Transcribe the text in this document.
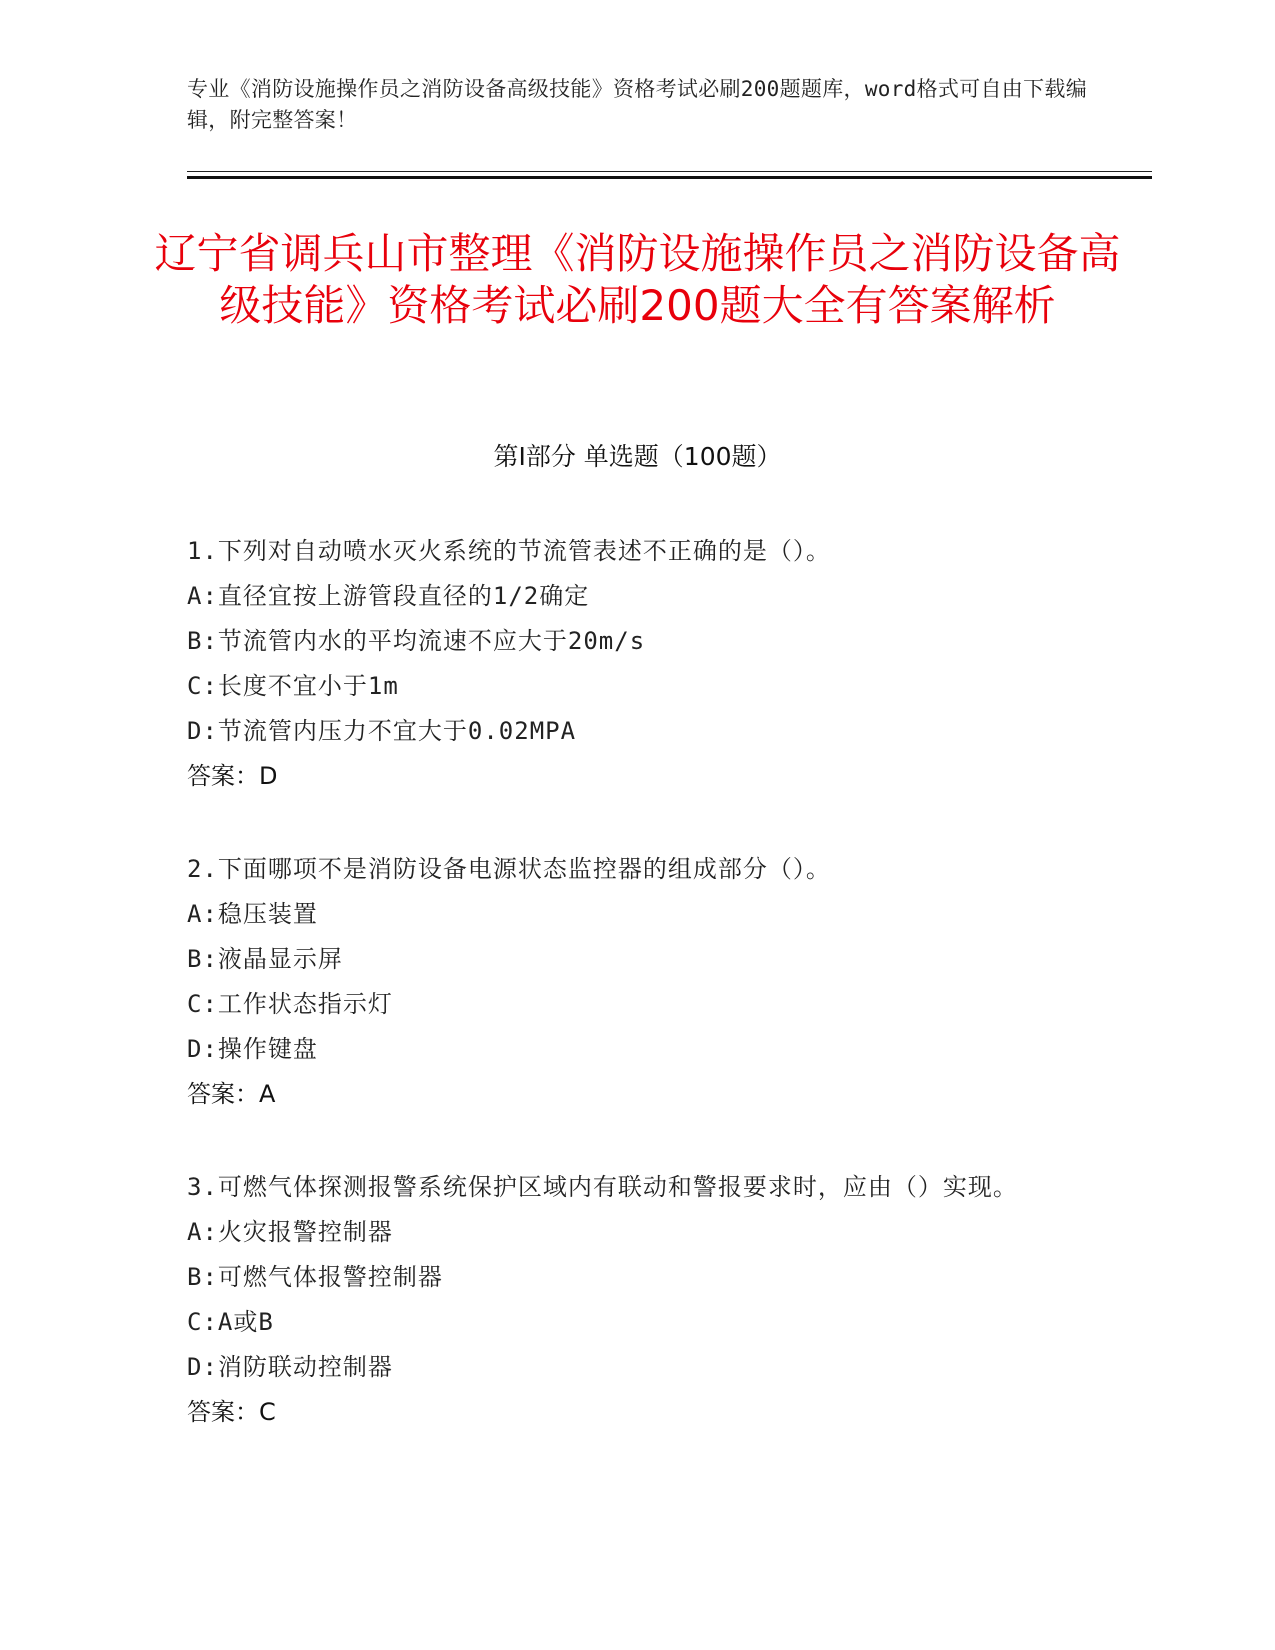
专业《消防设施操作员之消防设备高级技能》资格考试必刷200题题库，word格式可自由下载编辑，附完整答案！
辽宁省调兵山市整理《消防设施操作员之消防设备高级技能》资格考试必刷200题大全有答案解析
第Ⅰ部分 单选题（100题）
1.下列对自动喷水灭火系统的节流管表述不正确的是（）。
A:直径宜按上游管段直径的1/2确定
B:节流管内水的平均流速不应大于20m/s
C:长度不宜小于1m
D:节流管内压力不宜大于0.02MPA
答案：D
2.下面哪项不是消防设备电源状态监控器的组成部分（）。
A:稳压装置
B:液晶显示屏
C:工作状态指示灯
D:操作键盘
答案：A
3.可燃气体探测报警系统保护区域内有联动和警报要求时，应由（）实现。
A:火灾报警控制器
B:可燃气体报警控制器
C:A或B
D:消防联动控制器
答案：C
